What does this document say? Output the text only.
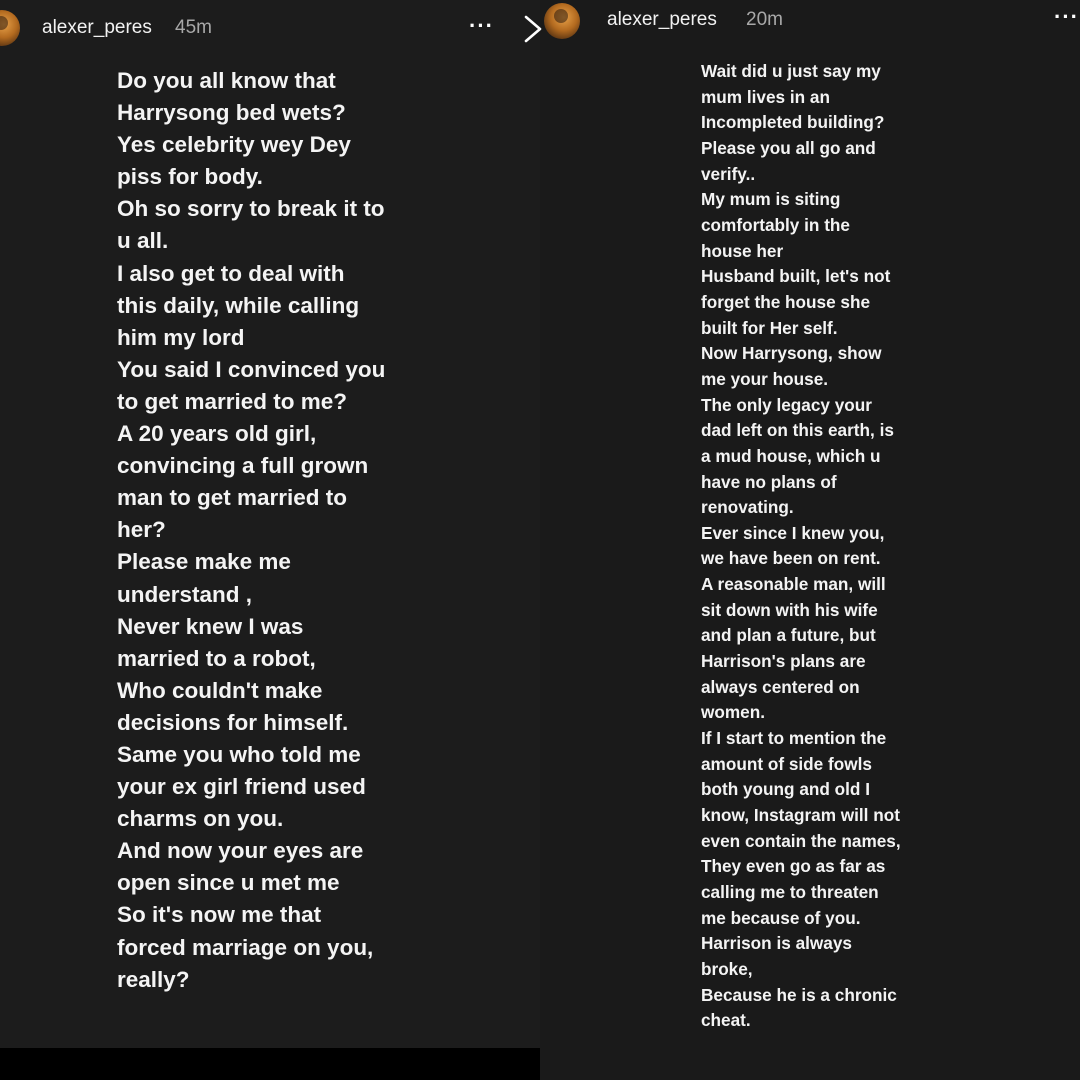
alexer_peres 45m	···

Do you all know that
Harrysong bed wets?
Yes celebrity wey Dey
piss for body.
Oh so sorry to break it to
u all.
I also get to deal with
this daily, while calling
him my lord
You said I convinced you
to get married to me?
A 20 years old girl,
convincing a full grown
man to get married to
her?
Please make me
understand ,
Never knew I was
married to a robot,
Who couldn't make
decisions for himself.
Same you who told me
your ex girl friend used
charms on you.
And now your eyes are
open since u met me
So it's now me that
forced marriage on you,
really?

alexer_peres 20m	···

Wait did u just say my
mum lives in an
Incompleted building?
Please you all go and
verify..
My mum is siting
comfortably in the
house her
Husband built, let's not
forget the house she
built for Her self.
Now Harrysong, show
me your house.
The only legacy your
dad left on this earth, is
a mud house, which u
have no plans of
renovating.
Ever since I knew you,
we have been on rent.
A reasonable man, will
sit down with his wife
and plan a future, but
Harrison's plans are
always centered on
women.
If I start to mention the
amount of side fowls
both young and old I
know, Instagram will not
even contain the names,
They even go as far as
calling me to threaten
me because of you.
Harrison is always
broke,
Because he is a chronic
cheat.
